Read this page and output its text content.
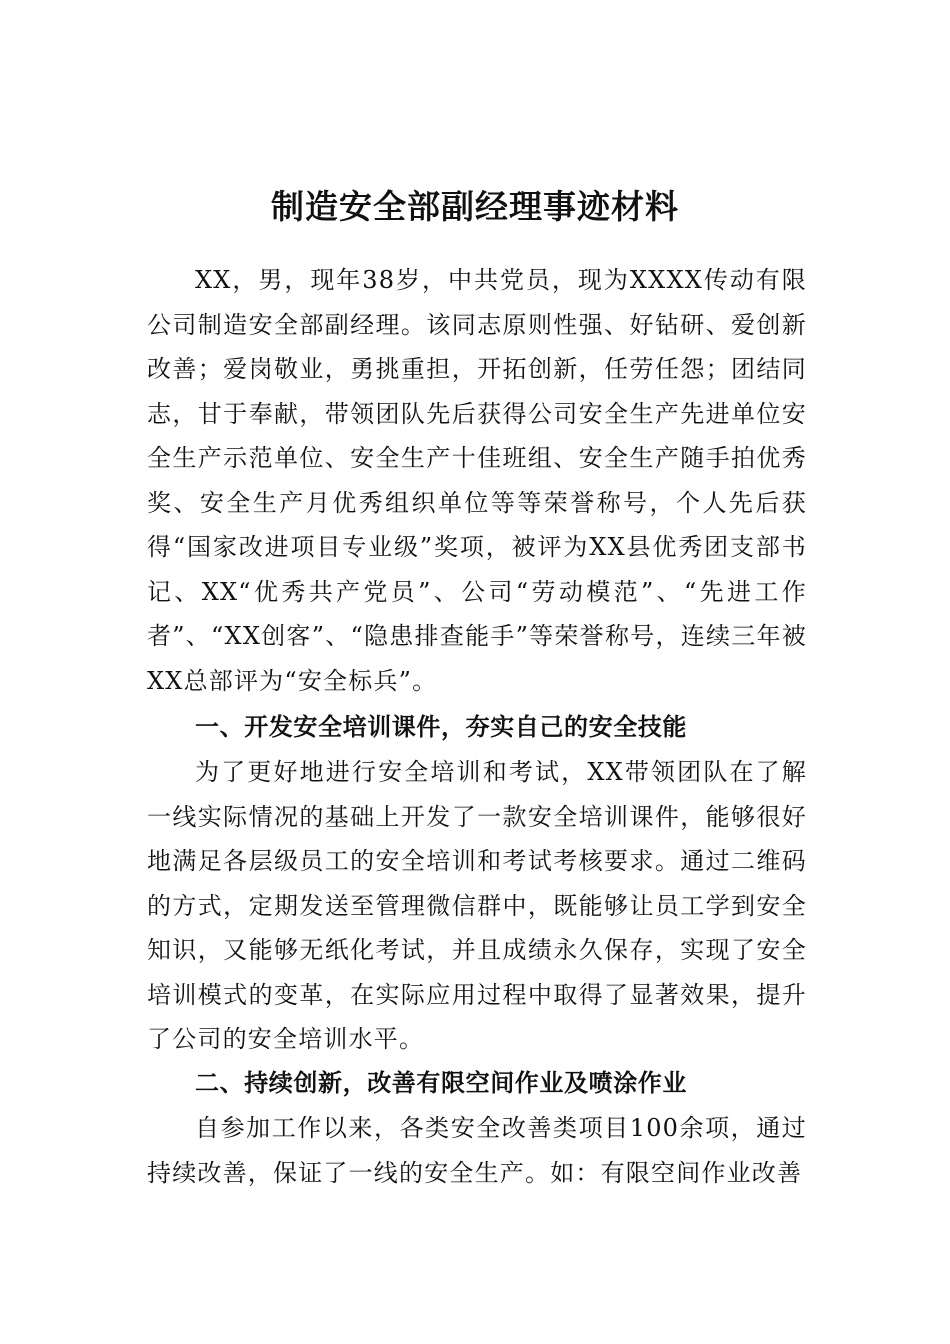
制造安全部副经理事迹材料

XX，男，现年38岁，中共党员，现为XXXX传动有限公司制造安全部副经理。该同志原则性强、好钻研、爱创新改善；爱岗敬业，勇挑重担，开拓创新，任劳任怨；团结同志，甘于奉献，带领团队先后获得公司安全生产先进单位安全生产示范单位、安全生产十佳班组、安全生产随手拍优秀奖、安全生产月优秀组织单位等等荣誉称号，个人先后获得“国家改进项目专业级”奖项，被评为XX县优秀团支部书记、XX“优秀共产党员”、公司“劳动模范”、“先进工作者”、“XX创客”、“隐患排查能手”等荣誉称号，连续三年被XX总部评为“安全标兵”。

一、开发安全培训课件，夯实自己的安全技能

为了更好地进行安全培训和考试，XX带领团队在了解一线实际情况的基础上开发了一款安全培训课件，能够很好地满足各层级员工的安全培训和考试考核要求。通过二维码的方式，定期发送至管理微信群中，既能够让员工学到安全知识，又能够无纸化考试，并且成绩永久保存，实现了安全培训模式的变革，在实际应用过程中取得了显著效果，提升了公司的安全培训水平。

二、持续创新，改善有限空间作业及喷涂作业

自参加工作以来，各类安全改善类项目100余项，通过持续改善，保证了一线的安全生产。如：有限空间作业改善
